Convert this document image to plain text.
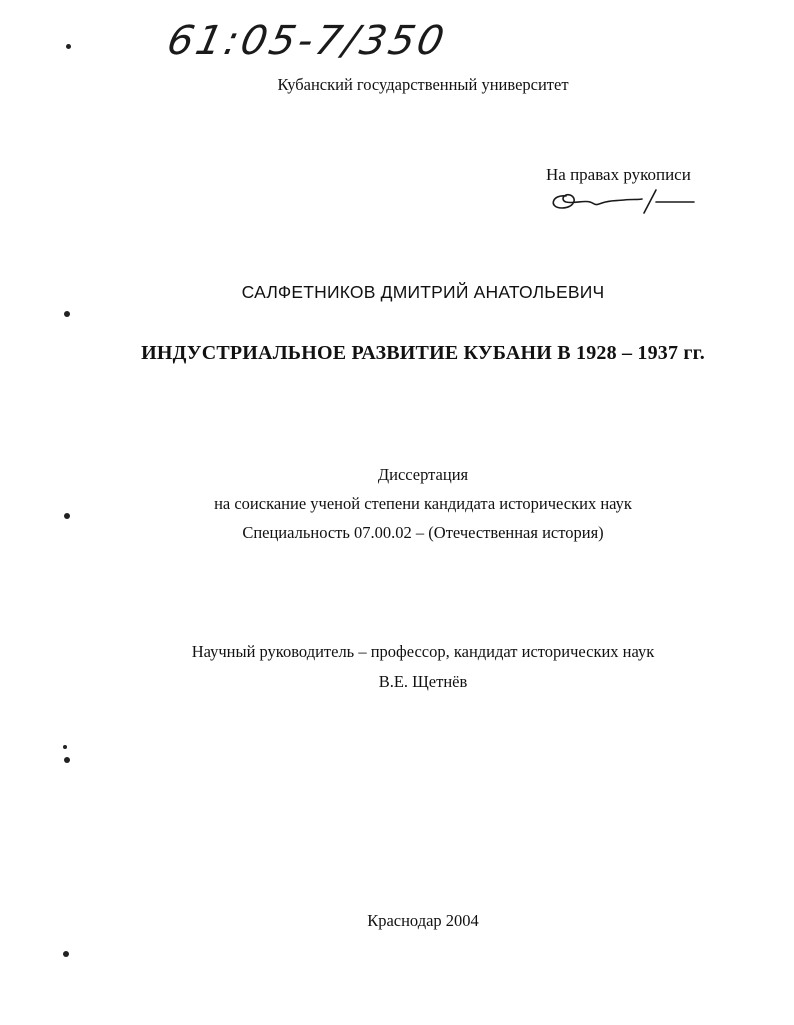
61:05-7/350
Кубанский государственный университет
На правах рукописи
САЛФЕТНИКОВ ДМИТРИЙ АНАТОЛЬЕВИЧ
ИНДУСТРИАЛЬНОЕ РАЗВИТИЕ КУБАНИ В 1928 – 1937 гг.
Диссертация
на соискание ученой степени кандидата исторических наук
Специальность 07.00.02 – (Отечественная история)
Научный руководитель – профессор, кандидат исторических наук
В.Е. Щетнёв
Краснодар 2004
